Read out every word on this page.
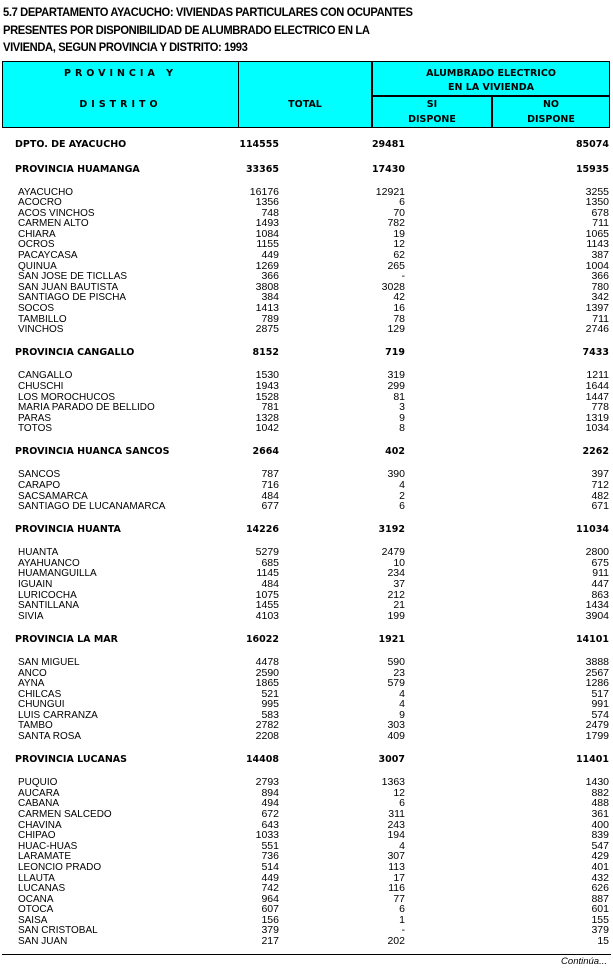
5.7 DEPARTAMENTO AYACUCHO: VIVIENDAS PARTICULARES CON OCUPANTES
PRESENTES POR DISPONIBILIDAD DE ALUMBRADO ELECTRICO EN LA
VIVIENDA, SEGUN PROVINCIA Y DISTRITO: 1993
PROVINCIA Y
DISTRITO	TOTAL
ALUMBRADO ELECTRICO
EN LA VIVIENDA
SI
DISPONE
NO
DISPONE
DPTO. DE AYACUCHO	114555	29481	85074
PROVINCIA HUAMANGA	33365	17430	15935
AYACUCHO	16176	12921	3255
ACOCRO	1356	6	1350
ACOS VINCHOS	748	70	678
CARMEN ALTO	1493	782	711
CHIARA	1084	19	1065
OCROS	1155	12	1143
PACAYCASA	449	62	387
QUINUA	1269	265	1004
SAN JOSE DE TICLLAS	366	-	366
SAN JUAN BAUTISTA	3808	3028	780
SANTIAGO DE PISCHA	384	42	342
SOCOS	1413	16	1397
TAMBILLO	789	78	711
VINCHOS	2875	129	2746
PROVINCIA CANGALLO	8152	719	7433
CANGALLO	1530	319	1211
CHUSCHI	1943	299	1644
LOS MOROCHUCOS	1528	81	1447
MARIA PARADO DE BELLIDO	781	3	778
PARAS	1328	9	1319
TOTOS	1042	8	1034
PROVINCIA HUANCA SANCOS	2664	402	2262
SANCOS	787	390	397
CARAPO	716	4	712
SACSAMARCA	484	2	482
SANTIAGO DE LUCANAMARCA	677	6	671
PROVINCIA HUANTA	14226	3192	11034
HUANTA	5279	2479	2800
AYAHUANCO	685	10	675
HUAMANGUILLA	1145	234	911
IGUAIN	484	37	447
LURICOCHA	1075	212	863
SANTILLANA	1455	21	1434
SIVIA	4103	199	3904
PROVINCIA LA MAR	16022	1921	14101
SAN MIGUEL	4478	590	3888
ANCO	2590	23	2567
AYNA	1865	579	1286
CHILCAS	521	4	517
CHUNGUI	995	4	991
LUIS CARRANZA	583	9	574
TAMBO	2782	303	2479
SANTA ROSA	2208	409	1799
PROVINCIA LUCANAS	14408	3007	11401
PUQUIO	2793	1363	1430
AUCARA	894	12	882
CABANA	494	6	488
CARMEN SALCEDO	672	311	361
CHAVINA	643	243	400
CHIPAO	1033	194	839
HUAC-HUAS	551	4	547
LARAMATE	736	307	429
LEONCIO PRADO	514	113	401
LLAUTA	449	17	432
LUCANAS	742	116	626
OCANA	964	77	887
OTOCA	607	6	601
SAISA	156	1	155
SAN CRISTOBAL	379	-	379
SAN JUAN	217	202	15
Continúa...
